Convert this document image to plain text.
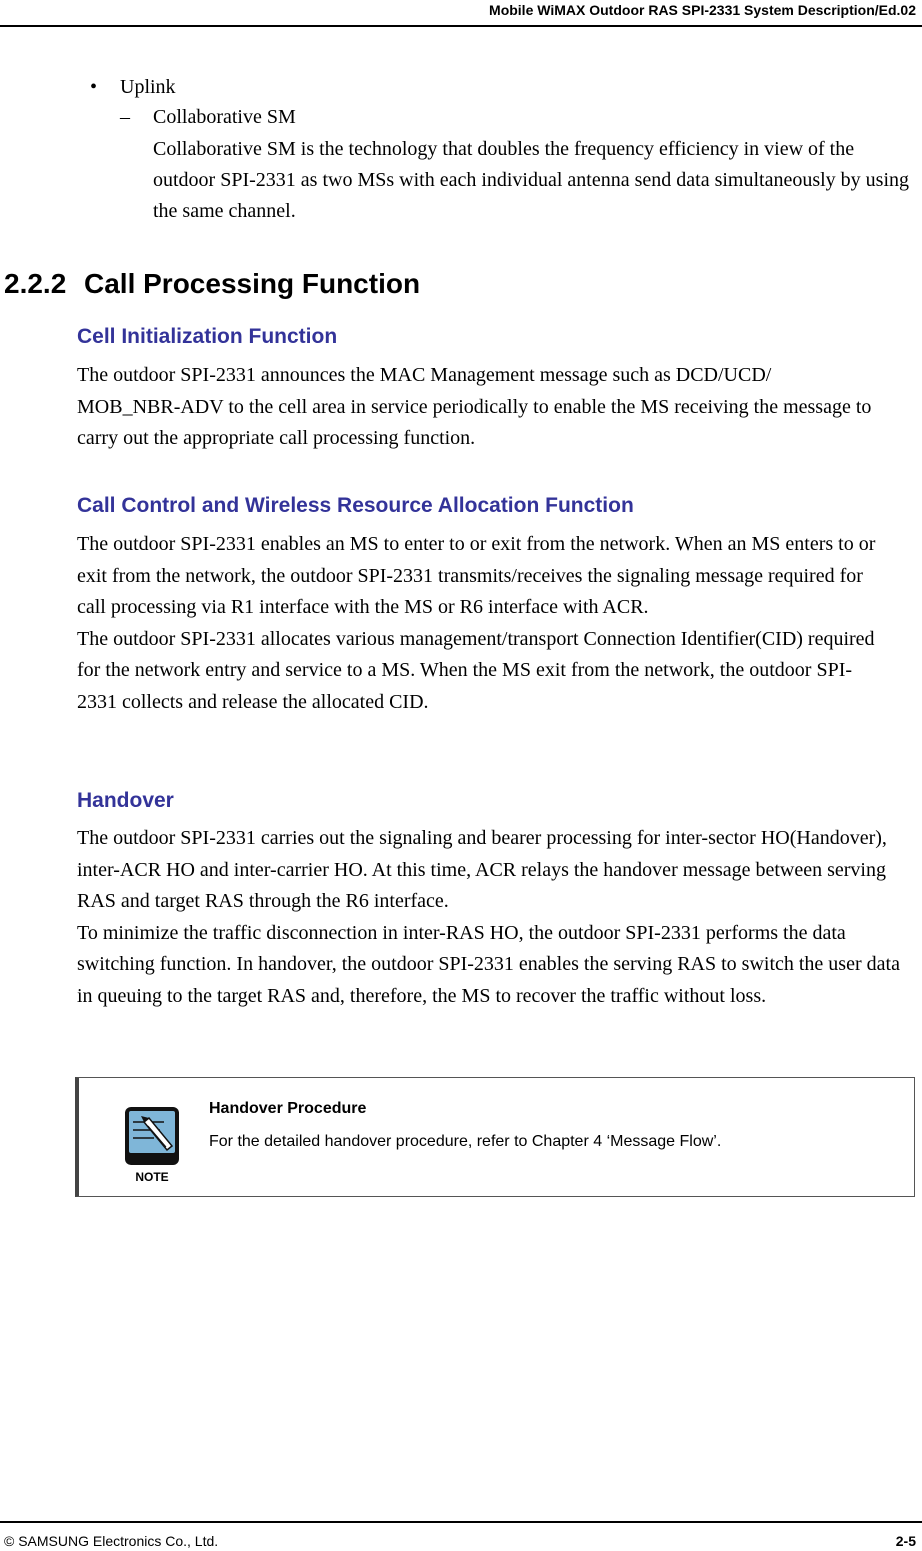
Mobile WiMAX Outdoor RAS SPI-2331 System Description/Ed.02
• Uplink
– Collaborative SM
Collaborative SM is the technology that doubles the frequency efficiency in view of the outdoor SPI-2331 as two MSs with each individual antenna send data simultaneously by using the same channel.
2.2.2 Call Processing Function
Cell Initialization Function
The outdoor SPI-2331 announces the MAC Management message such as DCD/UCD/ MOB_NBR-ADV to the cell area in service periodically to enable the MS receiving the message to carry out the appropriate call processing function.
Call Control and Wireless Resource Allocation Function

The outdoor SPI-2331 enables an MS to enter to or exit from the network. When an MS enters to or exit from the network, the outdoor SPI-2331 transmits/receives the signaling message required for call processing via R1 interface with the MS or R6 interface with ACR.

The outdoor SPI-2331 allocates various management/transport Connection Identifier(CID) required for the network entry and service to a MS. When the MS exit from the network, the outdoor SPI-2331 collects and release the allocated CID.

Handover

The outdoor SPI-2331 carries out the signaling and bearer processing for inter-sector HO(Handover), inter-ACR HO and inter-carrier HO. At this time, ACR relays the handover message between serving RAS and target RAS through the R6 interface.

To minimize the traffic disconnection in inter-RAS HO, the outdoor SPI-2331 performs the data switching function. In handover, the outdoor SPI-2331 enables the serving RAS to switch the user data in queuing to the target RAS and, therefore, the MS to recover the traffic without loss.

NOTE
Handover Procedure
For the detailed handover procedure, refer to Chapter 4 ‘Message Flow’.
© SAMSUNG Electronics Co., Ltd.	2-5
